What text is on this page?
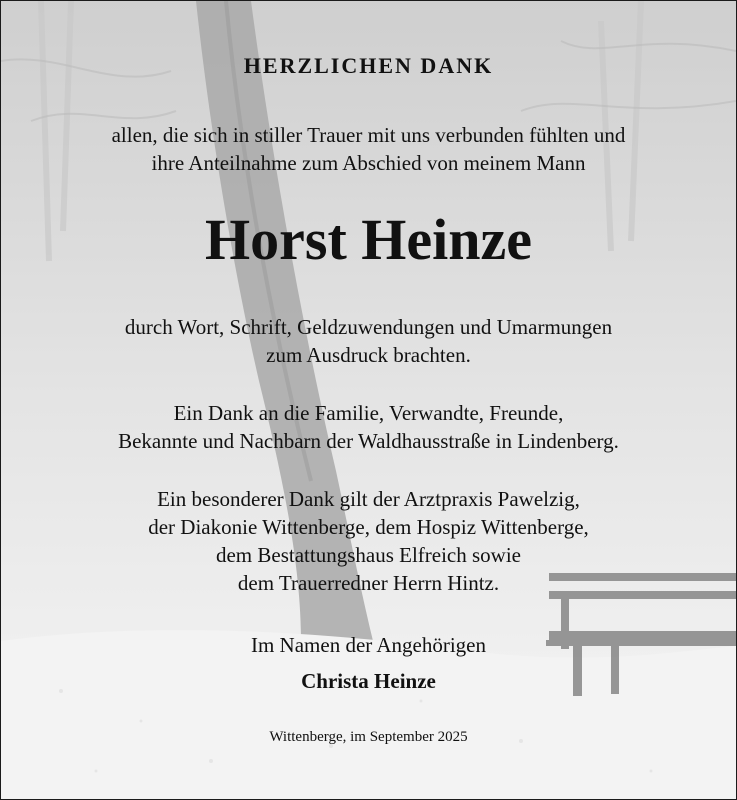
HERZLICHEN DANK
allen, die sich in stiller Trauer mit uns verbunden fühlten und
ihre Anteilnahme zum Abschied von meinem Mann
Horst Heinze
durch Wort, Schrift, Geldzuwendungen und Umarmungen
zum Ausdruck brachten.
Ein Dank an die Familie, Verwandte, Freunde,
Bekannte und Nachbarn der Waldhausstraße in Lindenberg.
Ein besonderer Dank gilt der Arztpraxis Pawelzig,
der Diakonie Wittenberge, dem Hospiz Wittenberge,
dem Bestattungshaus Elfreich sowie
dem Trauerredner Herrn Hintz.
Im Namen der Angehörigen
Christa Heinze
Wittenberge, im September 2025
